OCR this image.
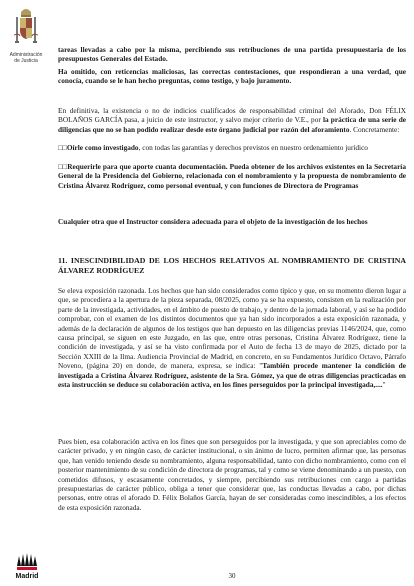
Administración
de Justicia
Madrid

tareas llevadas a cabo por la misma, percibiendo sus retribuciones de una partida presupuestaria de los presupuestos Generales del Estado.

Ha omitido, con reticencias maliciosas, las correctas contestaciones, que respondieran a una verdad, que conocía, cuando se le han hecho preguntas, como testigo, y bajo juramento.

En definitiva, la existencia o no de indicios cualificados de responsabilidad criminal del Aforado, Don FÉLIX BOLAÑOS GARCÍA pasa, a juicio de este instructor, y salvo mejor criterio de V.E., por la práctica de una serie de diligencias que no se han podido realizar desde este órgano judicial por razón del aforamiento. Concretamente:

□□Oírle como investigado, con todas las garantías y derechos previstos en nuestro ordenamiento jurídico

□□Requerirle para que aporte cuanta documentación. Pueda obtener de los archivos existentes en la Secretaría General de la Presidencia del Gobierno, relacionada con el nombramiento y la propuesta de nombramiento de Cristina Álvarez Rodríguez, como personal eventual, y con funciones de Directora de Programas

Cualquier otra que el Instructor considera adecuada para el objeto de la investigación de los hechos

11. INESCINDIBILIDAD DE LOS HECHOS RELATIVOS AL NOMBRAMIENTO DE CRISTINA ÁLVAREZ RODRÍGUEZ

Se eleva exposición razonada. Los hechos que han sido considerados como típico y que, en su momento dieron lugar a que, se procediera a la apertura de la pieza separada, 08/2025, como ya se ha expuesto, consisten en la realización por parte de la investigada, actividades, en el ámbito de puesto de trabajo, y dentro de la jornada laboral, y así se ha podido comprobar, con el examen de los distintos documentos que ya han sido incorporados a esta exposición razonada, y además de la declaración de algunos de los testigos que han depuesto en las diligencias previas 1146/2024, que, como causa principal, se siguen en este Juzgado, en las que, entre otras personas, Cristina Álvarez Rodríguez, tiene la condición de investigada, y así se ha visto confirmada por el Auto de fecha 13 de mayo de 2025, dictado por la Sección XXIII de la Ilma. Audiencia Provincial de Madrid, en concreto, en su Fundamentos Jurídico Octavo, Párrafo Noveno, (página 20) en donde, de manera, expresa, se indica: "También procede mantener la condición de investigada a Cristina Álvarez Rodríguez, asistente de la Sra. Gómez, ya que de otras diligencias practicadas en esta instrucción se deduce su colaboración activa, en los fines perseguidos por la principal investigada,...."

Pues bien, esa colaboración activa en los fines que son perseguidos por la investigada, y que son apreciables como de carácter privado, y en ningún caso, de carácter institucional, o sin ánimo de lucro, permiten afirmar que, las personas que, han venido teniendo desde su nombramiento, alguna responsabilidad, tanto con dicho nombramiento, como con el posterior mantenimiento de su condición de directora de programas, tal y como se viene denominando a un puesto, con cometidos difusos, y escasamente concretados, y siempre, percibiendo sus retribuciones con cargo a partidas presupuestarias de carácter público, obliga a tener que considerar que, las conductas llevadas a cabo, por dichas personas, entre otras el aforado D. Félix Bolaños García, hayan de ser consideradas como inescindibles, a los efectos de esta exposición razonada.

30
